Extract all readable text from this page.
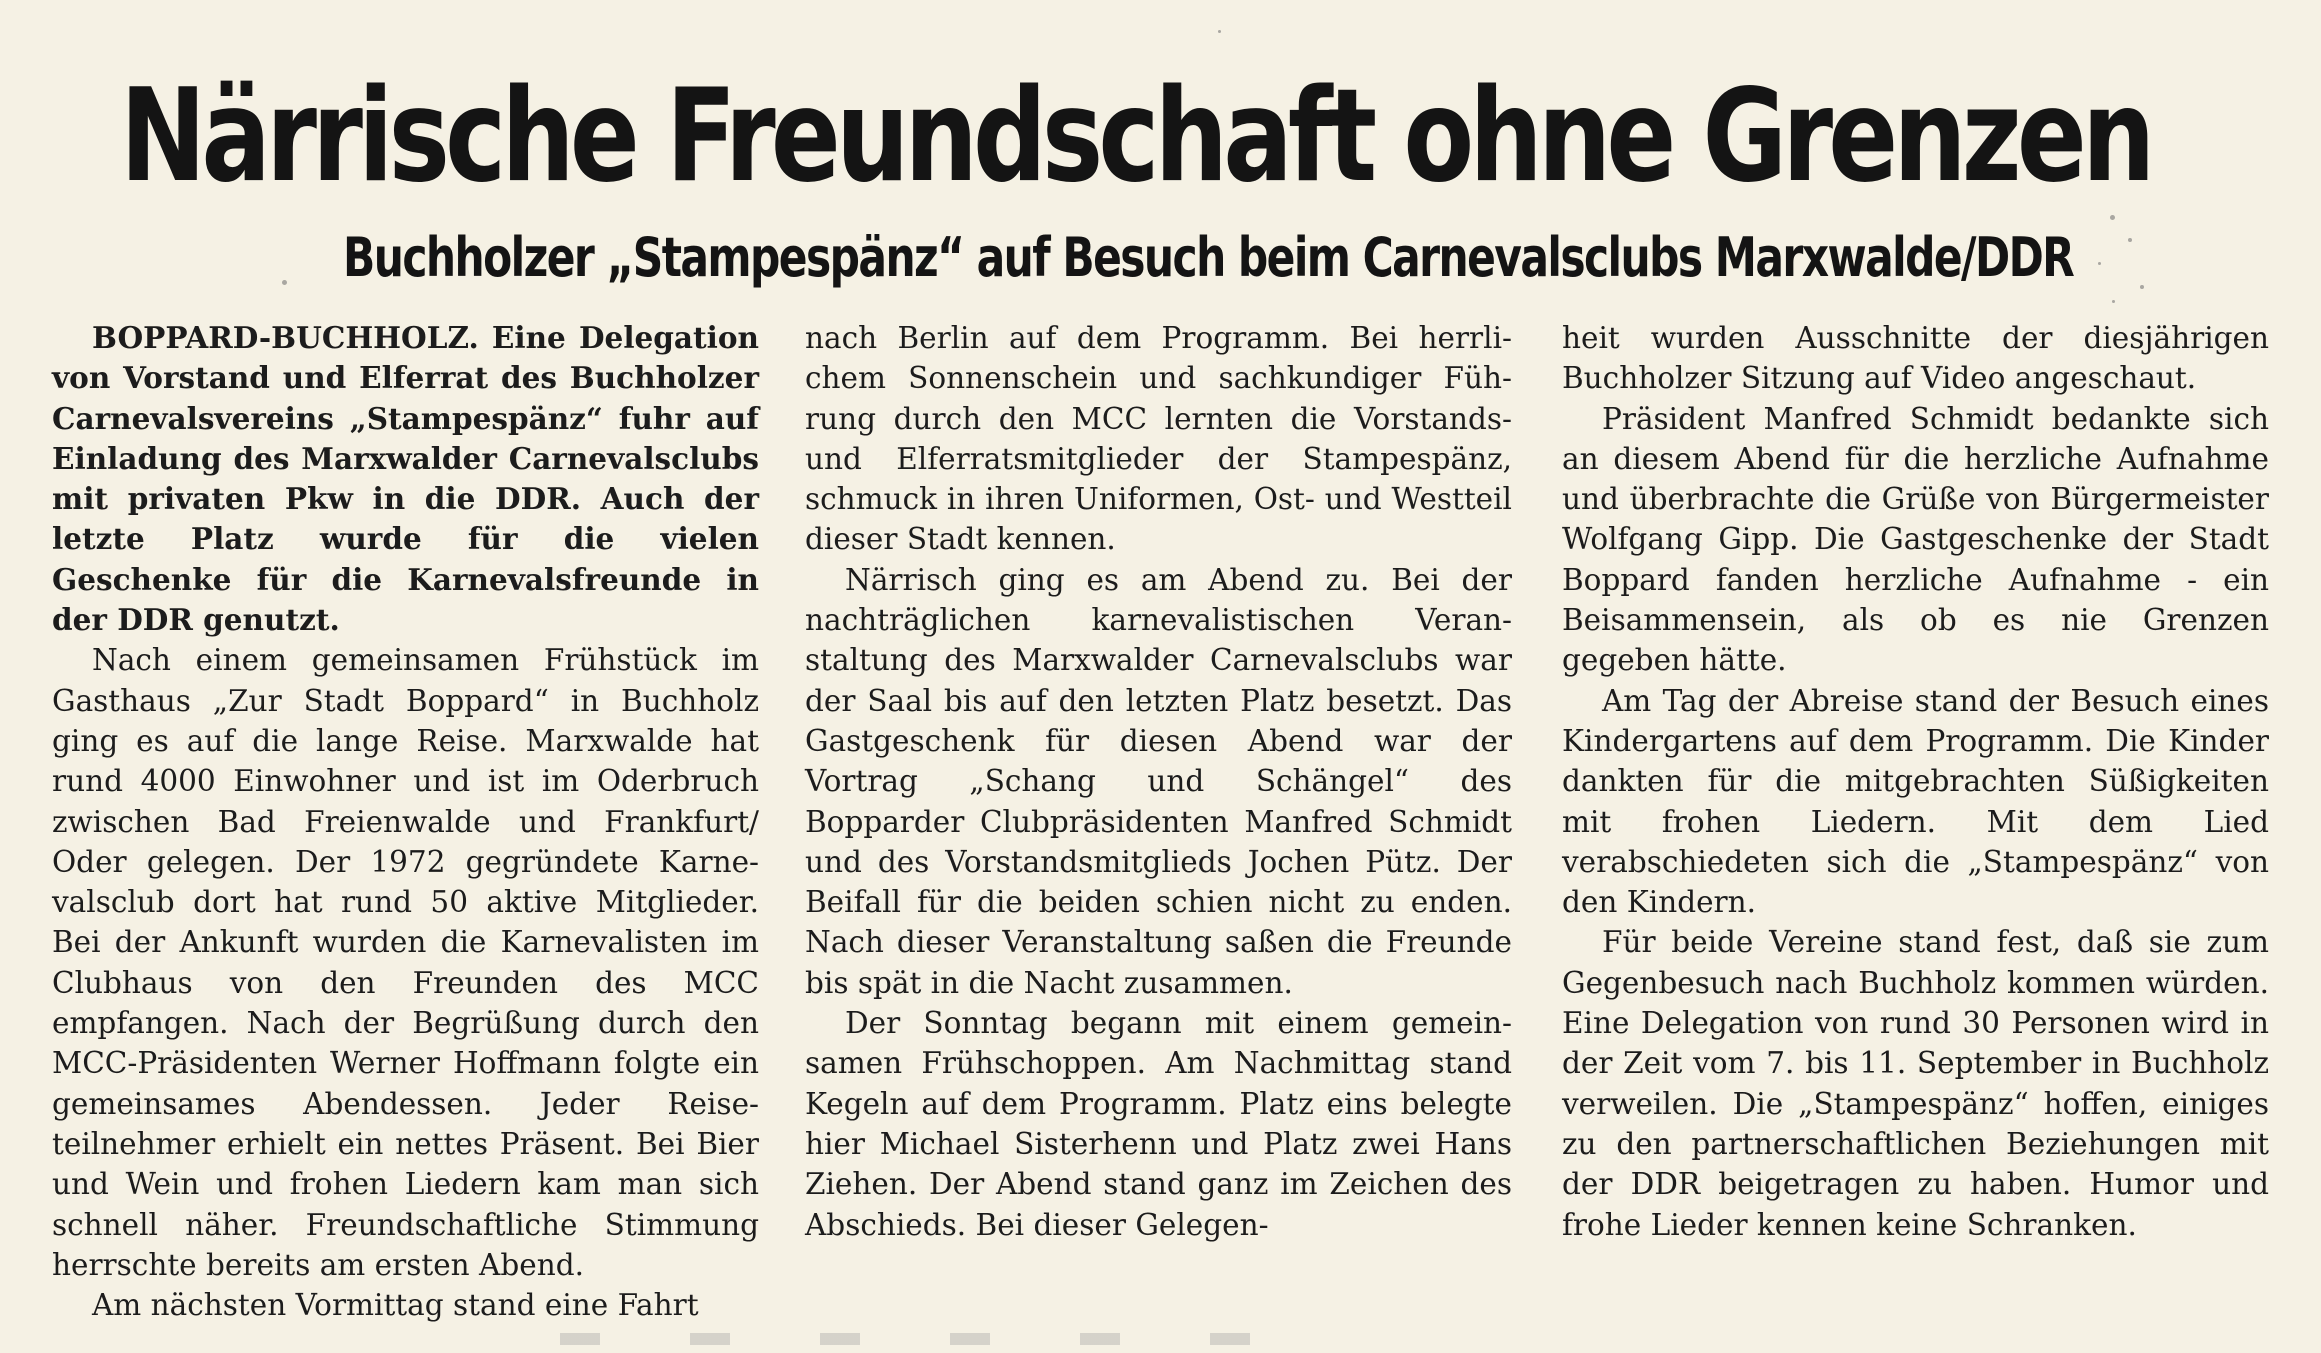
Närrische Freundschaft ohne Grenzen
Buchholzer „Stampespänz“ auf Besuch beim Carnevalsclubs Marxwalde/DDR

BOPPARD-BUCHHOLZ. Eine Delegation von Vorstand und Elferrat des Buchholzer Carnevalsvereins „Stampespänz“ fuhr auf Einladung des Marxwalder Carnevalsclubs mit privaten Pkw in die DDR. Auch der letzte Platz wurde für die vielen Geschenke für die Karnevalsfreunde in der DDR genutzt.

Nach einem gemeinsamen Frühstück im Gasthaus „Zur Stadt Boppard“ in Buchholz ging es auf die lange Reise. Marxwalde hat rund 4000 Einwohner und ist im Oderbruch zwischen Bad Freienwalde und Frankfurt/ Oder gelegen. Der 1972 gegründete Karnevalsclub dort hat rund 50 aktive Mitglieder. Bei der Ankunft wurden die Karnevalisten im Clubhaus von den Freunden des MCC empfangen. Nach der Begrüßung durch den MCC-Präsidenten Werner Hoffmann folgte ein gemeinsames Abendessen. Jeder Reiseteilnehmer erhielt ein nettes Präsent. Bei Bier und Wein und frohen Liedern kam man sich schnell näher. Freundschaftliche Stimmung herrschte bereits am ersten Abend.

Am nächsten Vormittag stand eine Fahrt

nach Berlin auf dem Programm. Bei herrlichem Sonnenschein und sachkundiger Führung durch den MCC lernten die Vorstands- und Elferratsmitglieder der Stampespänz, schmuck in ihren Uniformen, Ost- und Westteil dieser Stadt kennen.

Närrisch ging es am Abend zu. Bei der nachträglichen karnevalistischen Veranstaltung des Marxwalder Carnevalsclubs war der Saal bis auf den letzten Platz besetzt. Das Gastgeschenk für diesen Abend war der Vortrag „Schang und Schängel“ des Bopparder Clubpräsidenten Manfred Schmidt und des Vorstandsmitglieds Jochen Pütz. Der Beifall für die beiden schien nicht zu enden. Nach dieser Veranstaltung saßen die Freunde bis spät in die Nacht zusammen.

Der Sonntag begann mit einem gemeinsamen Frühschoppen. Am Nachmittag stand Kegeln auf dem Programm. Platz eins belegte hier Michael Sisterhenn und Platz zwei Hans Ziehen. Der Abend stand ganz im Zeichen des Abschieds. Bei dieser Gelegen-

heit wurden Ausschnitte der diesjährigen Buchholzer Sitzung auf Video angeschaut.

Präsident Manfred Schmidt bedankte sich an diesem Abend für die herzliche Aufnahme und überbrachte die Grüße von Bürgermeister Wolfgang Gipp. Die Gastgeschenke der Stadt Boppard fanden herzliche Aufnahme - ein Beisammensein, als ob es nie Grenzen gegeben hätte.

Am Tag der Abreise stand der Besuch eines Kindergartens auf dem Programm. Die Kinder dankten für die mitgebrachten Süßigkeiten mit frohen Liedern. Mit dem Lied verabschiedeten sich die „Stampespänz“ von den Kindern.

Für beide Vereine stand fest, daß sie zum Gegenbesuch nach Buchholz kommen würden. Eine Delegation von rund 30 Personen wird in der Zeit vom 7. bis 11. September in Buchholz verweilen. Die „Stampespänz“ hoffen, einiges zu den partnerschaftlichen Beziehungen mit der DDR beigetragen zu haben. Humor und frohe Lieder kennen keine Schranken.
